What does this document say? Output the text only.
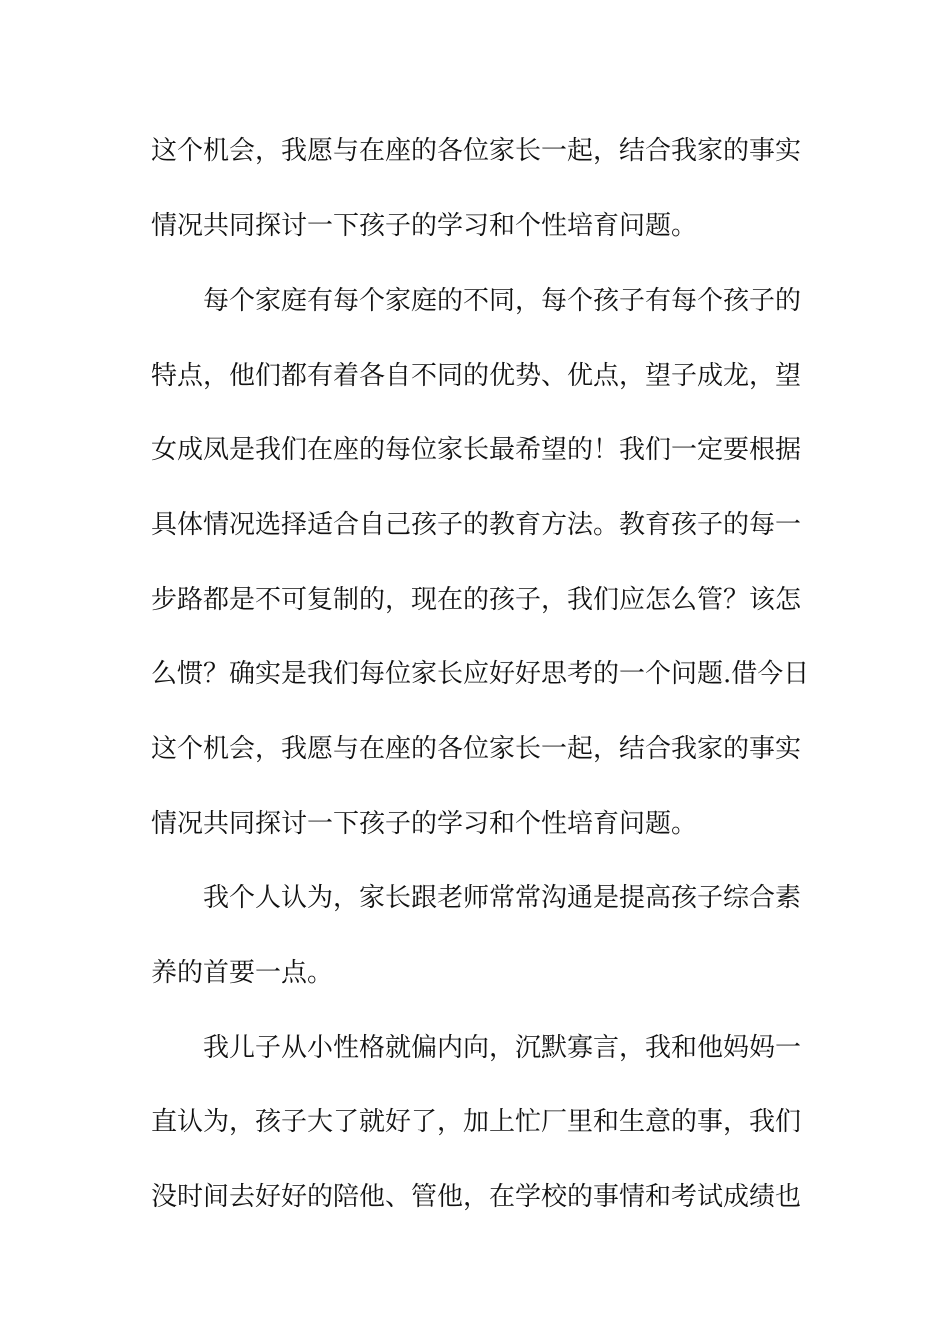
这个机会，我愿与在座的各位家长一起，结合我家的事实
情况共同探讨一下孩子的学习和个性培育问题。
每个家庭有每个家庭的不同，每个孩子有每个孩子的
特点，他们都有着各自不同的优势、优点，望子成龙，望
女成凤是我们在座的每位家长最希望的！我们一定要根据
具体情况选择适合自己孩子的教育方法。教育孩子的每一
步路都是不可复制的，现在的孩子，我们应怎么管？该怎
么惯？确实是我们每位家长应好好思考的一个问题.借今日
这个机会，我愿与在座的各位家长一起，结合我家的事实
情况共同探讨一下孩子的学习和个性培育问题。
我个人认为，家长跟老师常常沟通是提高孩子综合素
养的首要一点。
我儿子从小性格就偏内向，沉默寡言，我和他妈妈一
直认为，孩子大了就好了，加上忙厂里和生意的事，我们
没时间去好好的陪他、管他，在学校的事情和考试成绩也
